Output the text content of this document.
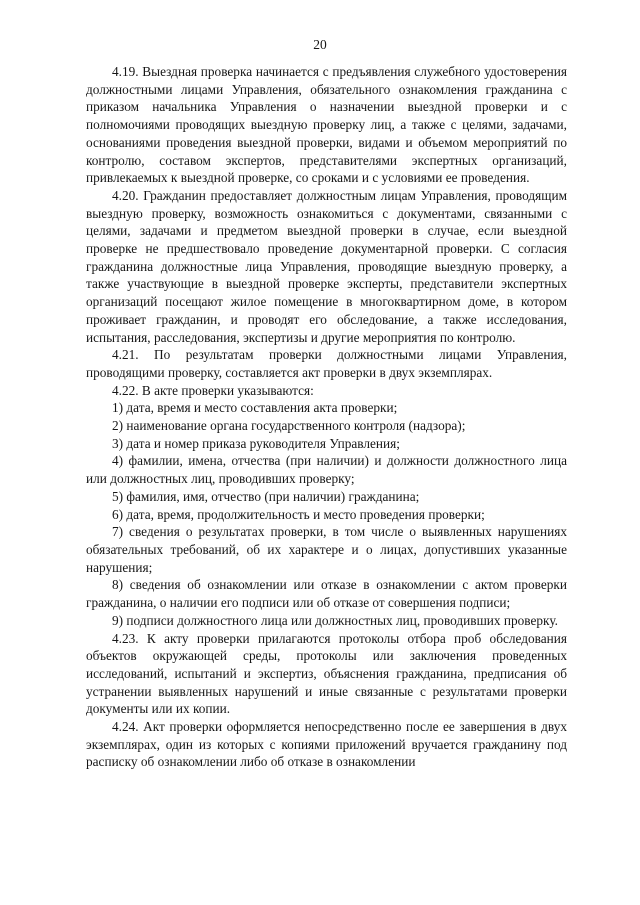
20

4.19. Выездная проверка начинается с предъявления служебного удостоверения должностными лицами Управления, обязательного ознакомления гражданина с приказом начальника Управления о назначении выездной проверки и с полномочиями проводящих выездную проверку лиц, а также с целями, задачами, основаниями проведения выездной проверки, видами и объемом мероприятий по контролю, составом экспертов, представителями экспертных организаций, привлекаемых к выездной проверке, со сроками и с условиями ее проведения.

4.20. Гражданин предоставляет должностным лицам Управления, проводящим выездную проверку, возможность ознакомиться с документами, связанными с целями, задачами и предметом выездной проверки в случае, если выездной проверке не предшествовало проведение документарной проверки. С согласия гражданина должностные лица Управления, проводящие выездную проверку, а также участвующие в выездной проверке эксперты, представители экспертных организаций посещают жилое помещение в многоквартирном доме, в котором проживает гражданин, и проводят его обследование, а также исследования, испытания, расследования, экспертизы и другие мероприятия по контролю.

4.21. По результатам проверки должностными лицами Управления, проводящими проверку, составляется акт проверки в двух экземплярах.

4.22. В акте проверки указываются:

1) дата, время и место составления акта проверки;

2) наименование органа государственного контроля (надзора);

3) дата и номер приказа руководителя Управления;

4) фамилии, имена, отчества (при наличии) и должности должностного лица или должностных лиц, проводивших проверку;

5) фамилия, имя, отчество (при наличии) гражданина;

6) дата, время, продолжительность и место проведения проверки;

7) сведения о результатах проверки, в том числе о выявленных нарушениях обязательных требований, об их характере и о лицах, допустивших указанные нарушения;

8) сведения об ознакомлении или отказе в ознакомлении с актом проверки гражданина, о наличии его подписи или об отказе от совершения подписи;

9) подписи должностного лица или должностных лиц, проводивших проверку.

4.23. К акту проверки прилагаются протоколы отбора проб обследования объектов окружающей среды, протоколы или заключения проведенных исследований, испытаний и экспертиз, объяснения гражданина, предписания об устранении выявленных нарушений и иные связанные с результатами проверки документы или их копии.

4.24. Акт проверки оформляется непосредственно после ее завершения в двух экземплярах, один из которых с копиями приложений вручается гражданину под расписку об ознакомлении либо об отказе в ознакомлении
